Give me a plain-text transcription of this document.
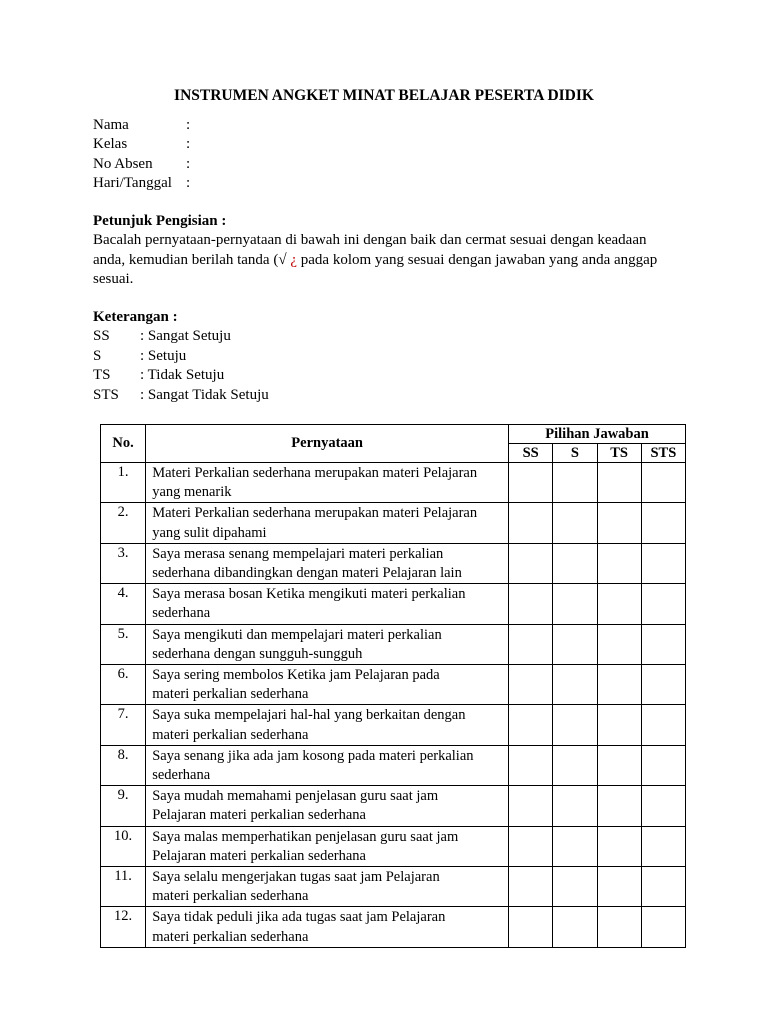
INSTRUMEN ANGKET MINAT BELAJAR PESERTA DIDIK
Nama	:
Kelas	:
No Absen	:
Hari/Tanggal :
Petunjuk Pengisian :

Bacalah pernyataan-pernyataan di bawah ini dengan baik dan cermat sesuai dengan keadaan

anda, kemudian berilah tanda (√ ¿ pada kolom yang sesuai dengan jawaban yang anda anggap

sesuai.

Keterangan :
SS	: Sangat Setuju
S	: Setuju
TS	: Tidak Setuju
STS	: Sangat Tidak Setuju
No.	Pernyataan	Pilihan Jawaban			
		SS	S	TS	STS
1.	Materi Perkalian sederhana merupakan materi Pelajaran
yang menarik				

2.	Materi Perkalian sederhana merupakan materi Pelajaran
yang sulit dipahami				

3.	Saya merasa senang mempelajari materi perkalian
sederhana dibandingkan dengan materi Pelajaran lain				

4.	Saya merasa bosan Ketika mengikuti materi perkalian
sederhana				

5.	Saya mengikuti dan mempelajari materi perkalian
sederhana dengan sungguh-sungguh				

6.	Saya sering membolos Ketika jam Pelajaran pada
materi perkalian sederhana				

7.	Saya suka mempelajari hal-hal yang berkaitan dengan
materi perkalian sederhana				

8.	Saya senang jika ada jam kosong pada materi perkalian
sederhana				

9.	Saya mudah memahami penjelasan guru saat jam
Pelajaran materi perkalian sederhana				

10.	Saya malas memperhatikan penjelasan guru saat jam
Pelajaran materi perkalian sederhana				

11.	Saya selalu mengerjakan tugas saat jam Pelajaran
materi perkalian sederhana				

12.	Saya tidak peduli jika ada tugas saat jam Pelajaran
materi perkalian sederhana				
